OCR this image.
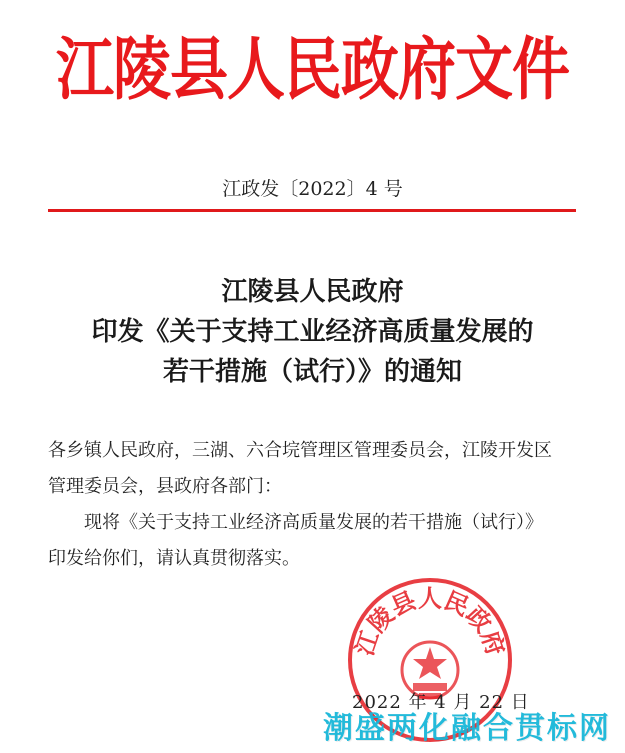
江陵县人民政府文件
江政发〔2022〕4 号
江陵县人民政府
印发《关于支持工业经济高质量发展的
若干措施（试行）》的通知

各乡镇人民政府，三湖、六合垸管理区管理委员会，江陵开发区

管理委员会，县政府各部门：

现将《关于支持工业经济高质量发展的若干措施（试行）》

印发给你们，请认真贯彻落实。

江陵县人民政府
2022 年 4 月 22 日
潮盛两化融合贯标网
